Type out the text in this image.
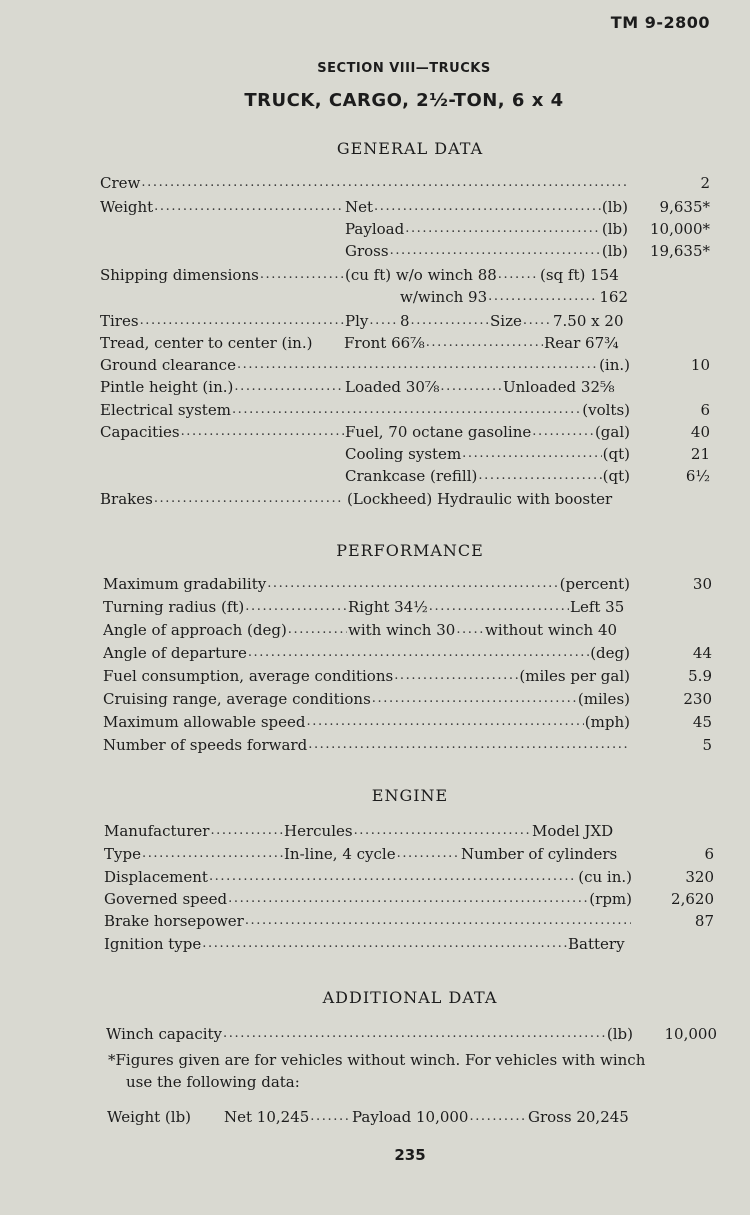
TM 9-2800
SECTION VIII—TRUCKS
TRUCK, CARGO, 2½-TON, 6 x 4
GENERAL DATA
Crew .....	2
Weight .....	Net .....	(lb)	9,635*
Payload .....	(lb)	10,000*
Gross .....	(lb)	19,635*
Shipping dimensions .....	(cu ft) w/o winch 88 .....	(sq ft) 154
w/winch 93 .....	162
Tires .....	Ply ..... 8 .....	Size ..... 7.50 x 20
Tread, center to center (in.) Front 66⅞ .....	Rear 67¾
Ground clearance .....	(in.)	10
Pintle height (in.) .....	Loaded 30⅞ .....	Unloaded 32⅝
Electrical system .....	(volts)	6
Capacities .....	Fuel, 70 octane gasoline .....	(gal)	40
Cooling system .....	(qt)	21
Crankcase (refill) .....	(qt)	6½
Brakes .....	(Lockheed) Hydraulic with booster
PERFORMANCE
Maximum gradability .....	(percent)	30
Turning radius (ft) .....	Right 34½ .....	Left 35
Angle of approach (deg) .....	with winch 30 ..... without winch 40
Angle of departure .....	(deg)	44
Fuel consumption, average conditions .....	(miles per gal)	5.9
Cruising range, average conditions .....	(miles)	230
Maximum allowable speed .....	(mph)	45
Number of speeds forward .....	5
ENGINE
Manufacturer .....	Hercules .....	Model JXD
Type .....	In-line, 4 cycle .....	Number of cylinders	6
Displacement .....	(cu in.)	320
Governed speed .....	(rpm)	2,620
Brake horsepower .....	87
Ignition type .....	Battery
ADDITIONAL DATA
Winch capacity .....	(lb)	10,000
*Figures given are for vehicles without winch. For vehicles with winch
use the following data:
Weight (lb) Net 10,245 .....	Payload 10,000 .....	Gross 20,245
235
